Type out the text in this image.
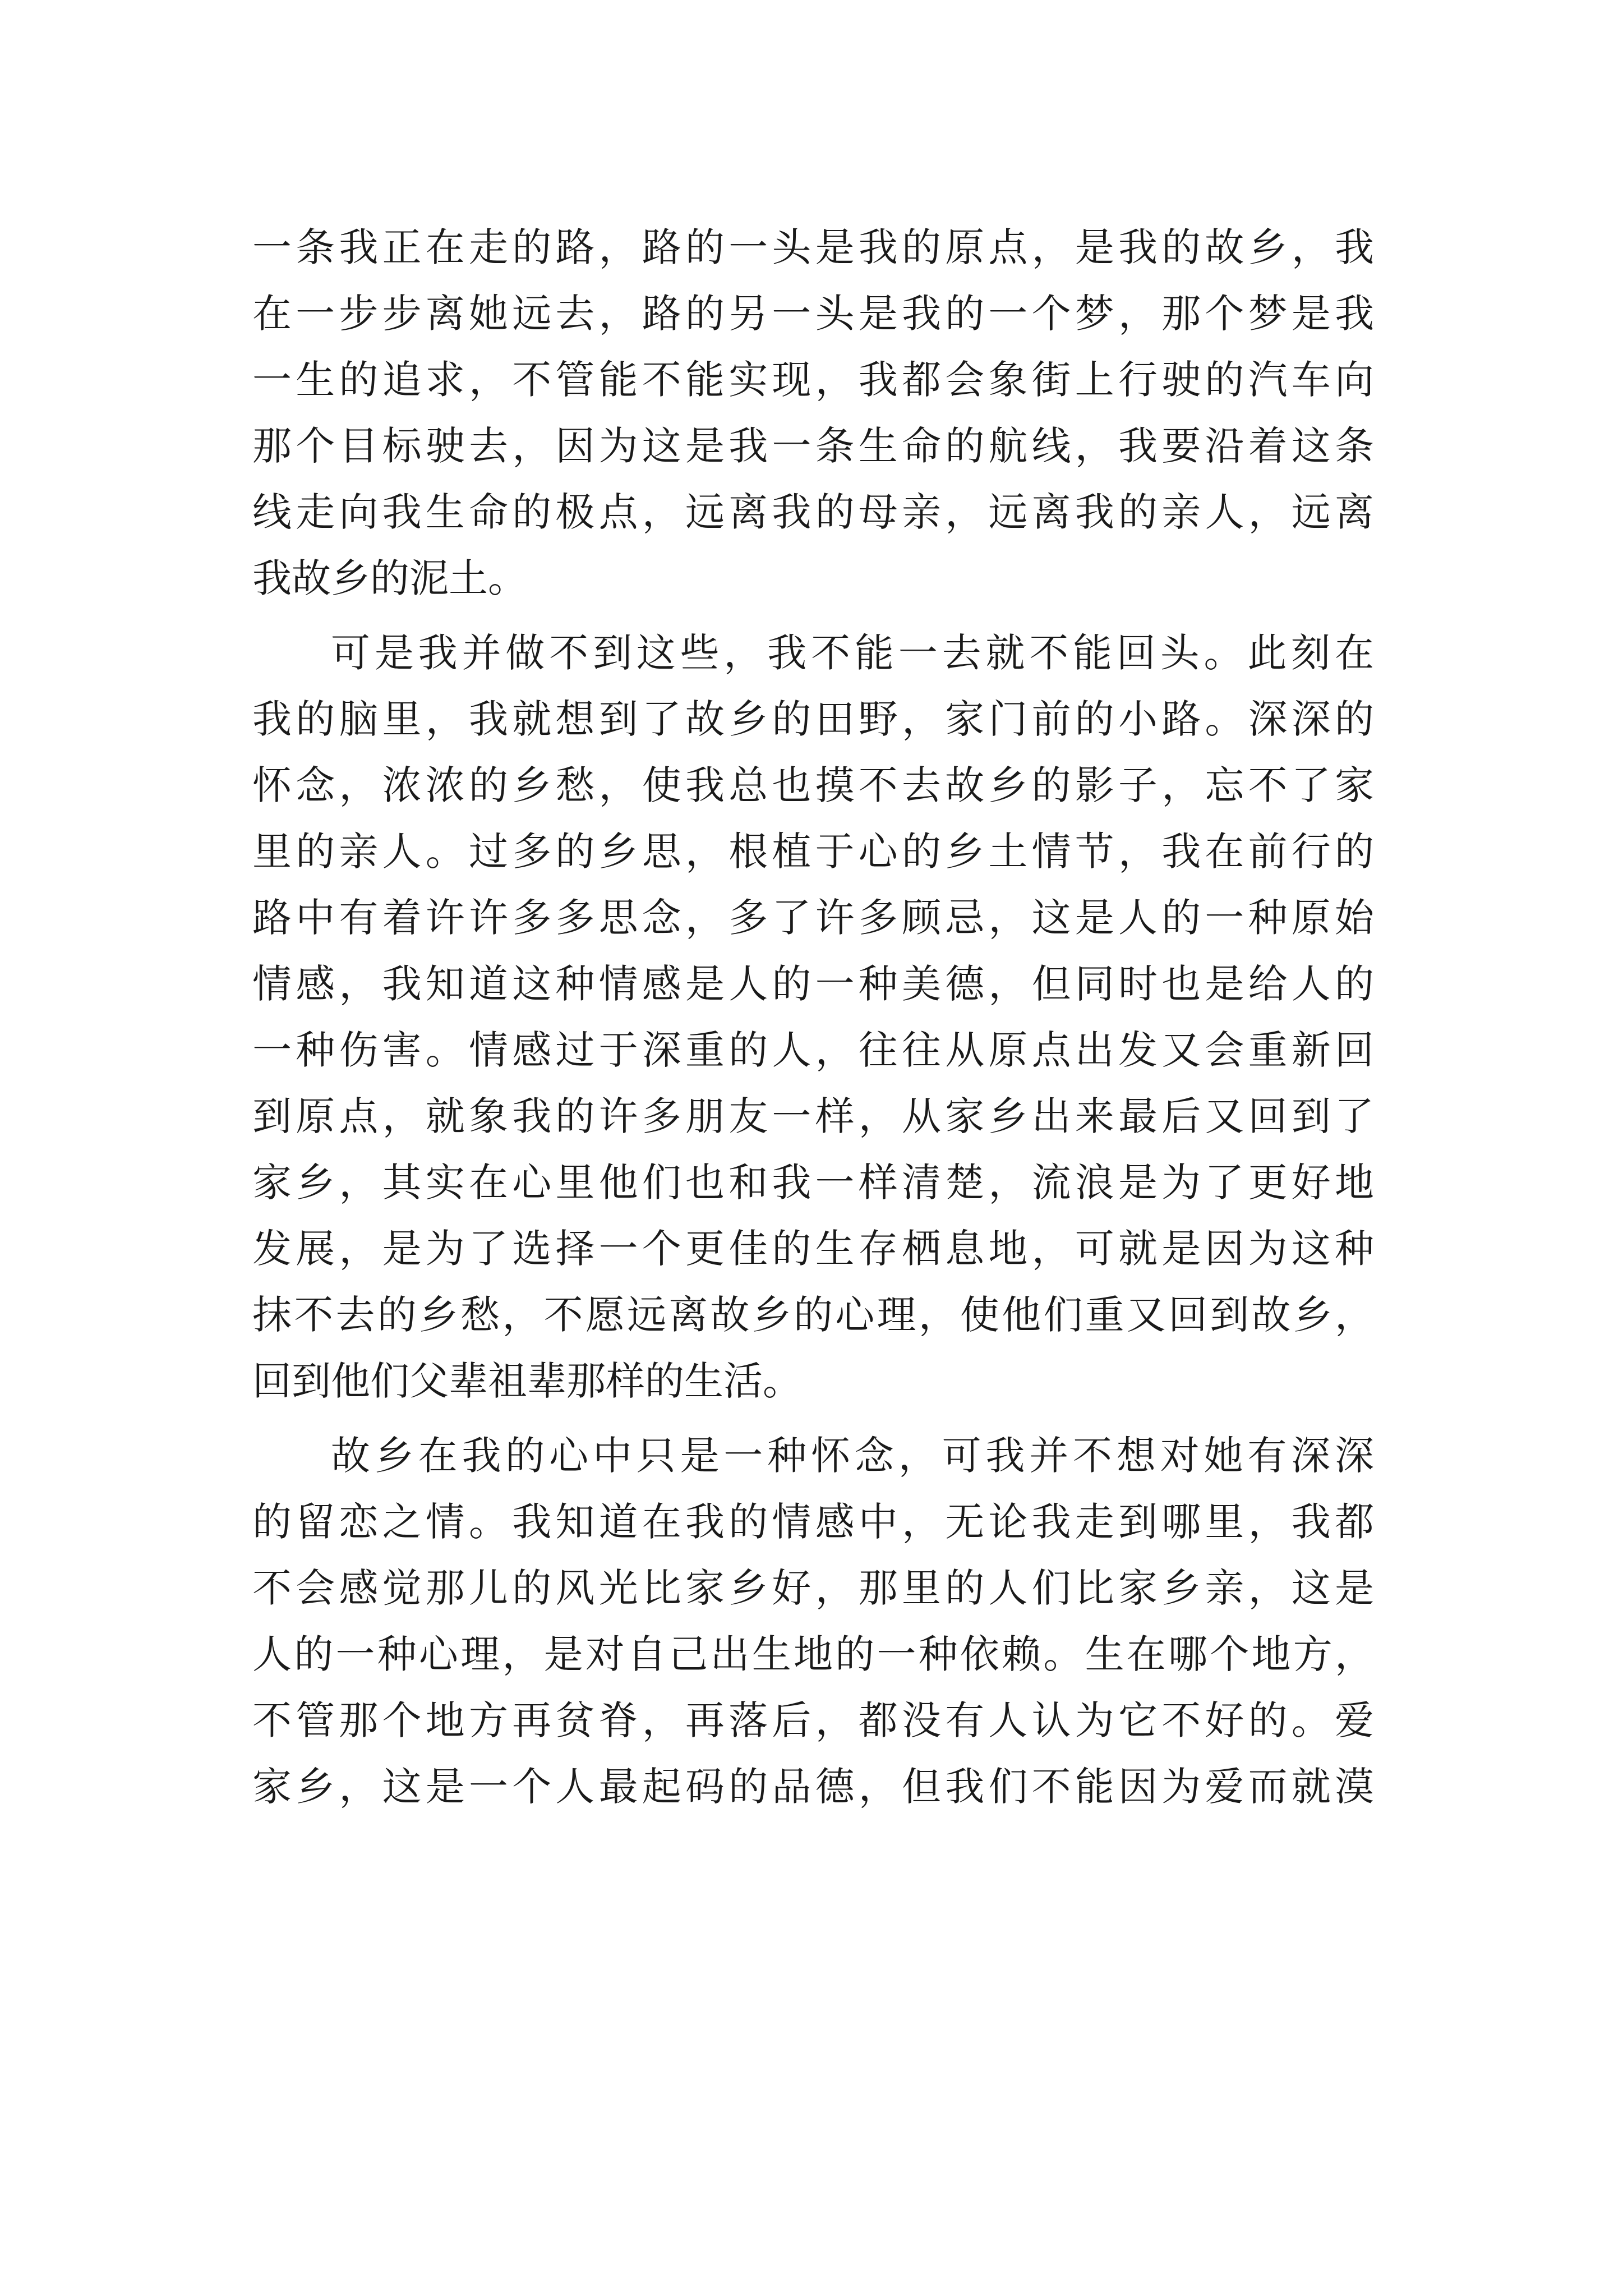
一条我正在走的路，路的一头是我的原点，是我的故乡，我
在一步步离她远去，路的另一头是我的一个梦，那个梦是我
一生的追求，不管能不能实现，我都会象街上行驶的汽车向
那个目标驶去，因为这是我一条生命的航线，我要沿着这条
线走向我生命的极点，远离我的母亲，远离我的亲人，远离
我故乡的泥土。
可是我并做不到这些，我不能一去就不能回头。此刻在
我的脑里，我就想到了故乡的田野，家门前的小路。深深的
怀念，浓浓的乡愁，使我总也摸不去故乡的影子，忘不了家
里的亲人。过多的乡思，根植于心的乡土情节，我在前行的
路中有着许许多多思念，多了许多顾忌，这是人的一种原始
情感，我知道这种情感是人的一种美德，但同时也是给人的
一种伤害。情感过于深重的人，往往从原点出发又会重新回
到原点，就象我的许多朋友一样，从家乡出来最后又回到了
家乡，其实在心里他们也和我一样清楚，流浪是为了更好地
发展，是为了选择一个更佳的生存栖息地，可就是因为这种
抹不去的乡愁，不愿远离故乡的心理，使他们重又回到故乡，
回到他们父辈祖辈那样的生活。
故乡在我的心中只是一种怀念，可我并不想对她有深深
的留恋之情。我知道在我的情感中，无论我走到哪里，我都
不会感觉那儿的风光比家乡好，那里的人们比家乡亲，这是
人的一种心理，是对自己出生地的一种依赖。生在哪个地方，
不管那个地方再贫脊，再落后，都没有人认为它不好的。爱
家乡，这是一个人最起码的品德，但我们不能因为爱而就漠
